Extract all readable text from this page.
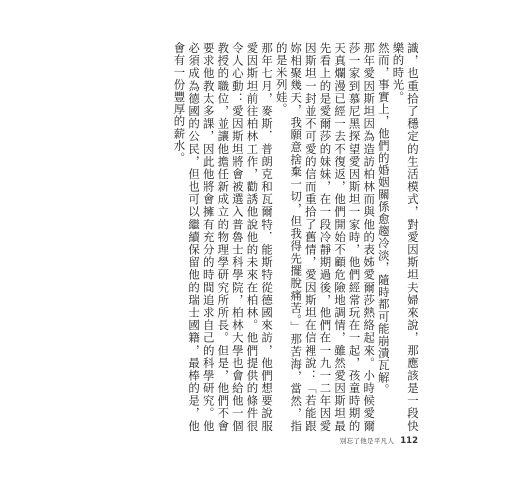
識，也重拾了穩定的生活模式，對愛因斯坦夫婦來說，那應該是一段快樂的時光。

然而，事實上，他們的婚姻關係愈趨冷淡，隨時都可能崩潰瓦解。

那年愛因斯坦因為造訪柏林而與他的表姊愛爾莎熱絡起來。小時候愛爾莎一家到慕尼黑探望愛因斯坦一家時，他們經常玩在一起，孩童時期的天真爛漫已經一去不復返，他們開始不顧危險地調情，雖然愛因斯坦最先看上的是愛爾莎的妹妹，在一段冷靜期過後，他們在一九一二年因愛因斯坦一封並不可愛的信而重拾了舊情，愛因斯坦在信裡說：「若能跟妳相聚幾天，我願意捨棄一切，但我得先擺脫痛苦。」那苦海，當然，指的是米列娃。

那年七月，麥斯．普朗克和瓦爾特．能斯特從德國來訪，他們想要說服愛因斯坦前往柏林工作，勸誘他說他的未來在柏林。他們提供的條件很令人心動：愛因斯坦將會被選入普魯士科學院，柏林大學也會給他一個教授的職位，並讓他擔任新成立的物理學研究所所長。但是，他們不會要求他教太多課，因此他將會擁有充分的時間追求自己的科學研究。他必須成為德國的公民，但也可以繼續保留他的瑞士國籍，最棒的是，他會有一份豐厚的薪水。

別忘了他是平凡人 112
